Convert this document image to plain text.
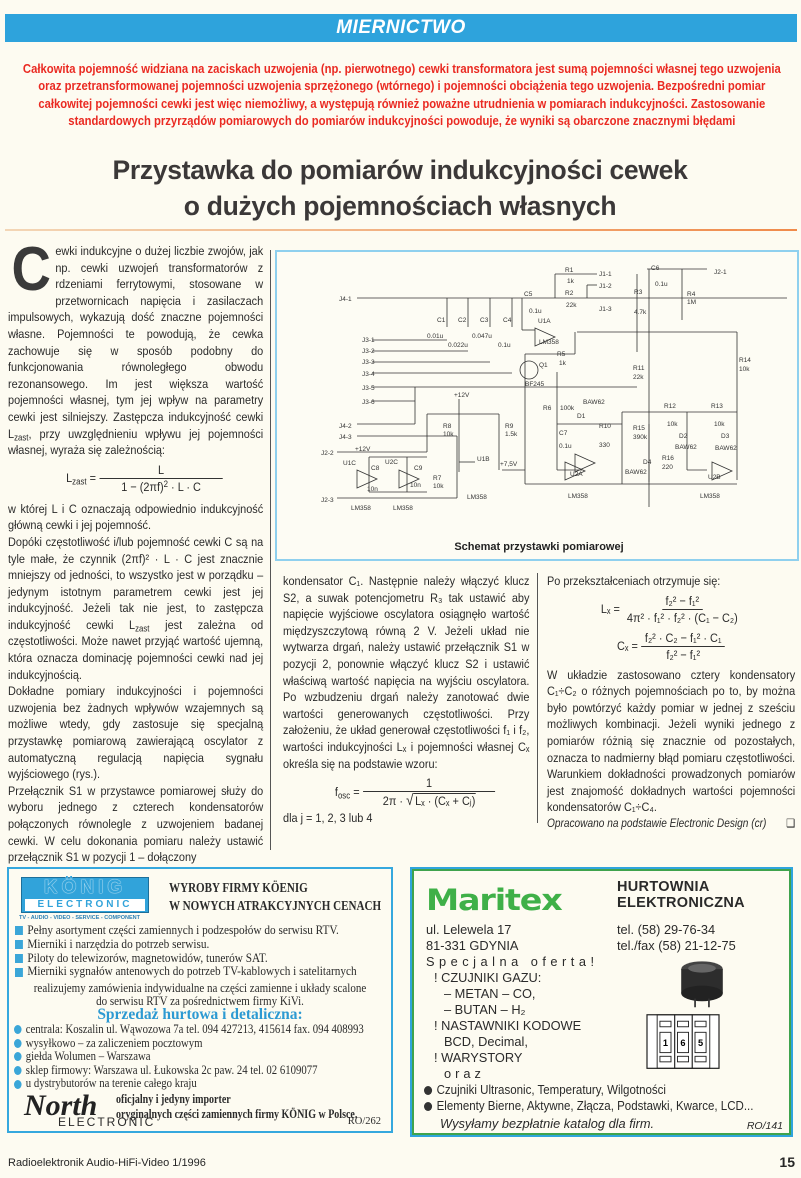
MIERNICTWO
Całkowita pojemność widziana na zaciskach uzwojenia (np. pierwotnego) cewki transformatora jest sumą pojemności własnej tego uzwojenia oraz przetransformowanej pojemności uzwojenia sprzężonego (wtórnego) i pojemności obciążenia tego uzwojenia. Bezpośredni pomiar całkowitej pojemności cewki jest więc niemożliwy, a występują również poważne utrudnienia w pomiarach indukcyjności. Zastosowanie standardowych przyrządów pomiarowych do pomiarów indukcyjności powoduje, że wyniki są obarczone znacznymi błędami
Przystawka do pomiarów indukcyjności cewek
o dużych pojemnościach własnych

Cewki indukcyjne o dużej liczbie zwojów, jak np. cewki uzwojeń transformatorów z rdzeniami ferrytowymi, stosowane w przetwornicach napięcia i zasilaczach impulsowych, wykazują dość znaczne pojemności własne. Pojemności te powodują, że cewka zachowuje się w sposób podobny do funkcjonowania równoległego obwodu rezonansowego. Im jest większa wartość pojemności własnej, tym jej wpływ na parametry cewki jest silniejszy. Zastępcza indukcyjność cewki $L_{zast}$, przy uwzględnieniu wpływu jej pojemności własnej, wyraża się zależnością:

$L_{zast} = \frac{L}{1 - (2\pi f)^2 \cdot L \cdot C}$

w której L i C oznaczają odpowiednio indukcyjność główną cewki i jej pojemność.

Dopóki częstotliwość i/lub pojemność cewki C są na tyle małe, że czynnik (2πf)² · L · C jest znacznie mniejszy od jedności, to wszystko jest w porządku – jedynym istotnym parametrem cewki jest jej indukcyjność. Jeżeli tak nie jest, to zastępcza indukcyjność cewki $L_{zast}$ jest zależna od częstotliwości. Może nawet przyjąć wartość ujemną, która oznacza dominację pojemności cewki nad jej indukcyjnością.

Dokładne pomiary indukcyjności i pojemności uzwojenia bez żadnych wpływów wzajemnych są możliwe wtedy, gdy zastosuje się specjalną przystawkę pomiarową zawierającą oscylator z automatyczną regulacją napięcia sygnału wyjściowego (rys.).

Przełącznik S1 w przystawce pomiarowej służy do wyboru jednego z czterech kondensatorów połączonych równolegle z uzwojeniem badanej cewki. W celu dokonania pomiaru należy ustawić przełącznik S1 w pozycji 1 – dołączony

J4-1
R1
1k
J1-1
J1-2
R2
22k
J1-3
R3
4.7k
C6
0.1u
J2-1
R4
1M
C5
0.1u
C1 C2 C3 C4
0.01u
0.022u
0.047u
0.1u
U1A
LM358
R5
1k
Q1
BF245
J3-1
J3-2
J3-3
J3-4
J3-5
J3-6
J4-2
J4-3
J2-2
J2-3
+12V
+12V
R8
10k
R9
1.5k
U1C
C8
10n
U2C
C9
10n
LM358	LM358
R7
10k
U1B
LM358
+7,5V
R6 100k
BAW62
D1
R10
330
C7
0.1u
U2A
LM358
R11
22k
R14
10k
R12
10k
R13
10k
R15
390k	D2
BAW62
D3
BAW62
BAW62
D4
R16
220
U2B
LM358
Schemat przystawki pomiarowej

kondensator C₁. Następnie należy włączyć klucz S2, a suwak potencjometru R₃ tak ustawić aby napięcie wyjściowe oscylatora osiągnęło wartość międzyszczytową równą 2 V. Jeżeli układ nie wytwarza drgań, należy ustawić przełącznik S1 w pozycji 2, ponownie włączyć klucz S2 i ustawić właściwą wartość napięcia na wyjściu oscylatora. Po wzbudzeniu drgań należy zanotować dwie wartości generowanych częstotliwości. Przy założeniu, że układ generował częstotliwości f₁ i f₂, wartości indukcyjności Lₓ i pojemności własnej Cₓ określa się na podstawie wzoru:

$f_{osc} = \frac{1}{\text{2π · √ Lₓ · (Cₓ + Cⱼ)}}$

dla j = 1, 2, 3 lub 4

Po przekształceniach otrzymuje się:

$L_x = \frac{\text{f₂² − f₁²}}{\text{4π² · f₁² · f₂² · (C₁ − C₂)}}$
$C_x = \frac{\text{f₂² · C₂ − f₁² · C₁}}{\text{f₂² − f₁²}}$

W układzie zastosowano cztery kondensatory C₁÷C₂ o różnych pojemnościach po to, by można było powtórzyć każdy pomiar w jednej z sześciu możliwych kombinacji. Jeżeli wyniki jednego z pomiarów różnią się znacznie od pozostałych, oznacza to nadmierny błąd pomiaru częstotliwości. Warunkiem dokładności prowadzonych pomiarów jest znajomość dokładnych wartości pojemności kondensatorów C₁÷C₄.

Opracowano na podstawie Electronic Design (cr) ❑

KÖNIG
ELECTRONIC
TV - AUDIO - VIDEO - SERVICE - COMPONENT
WYROBY FIRMY KÖENIG
W NOWYCH ATRAKCYJNYCH CENACH
Pełny asortyment części zamiennych i podzespołów do serwisu RTV.
Mierniki i narzędzia do potrzeb serwisu.
Piloty do telewizorów, magnetowidów, tunerów SAT.
Mierniki sygnałów antenowych do potrzeb TV-kablowych i satelitarnych
realizujemy zamówienia indywidualne na części zamienne i układy scalone
do serwisu RTV za pośrednictwem firmy KiVi.
Sprzedaż hurtowa i detaliczna:
centrala: Koszalin ul. Wąwozowa 7a tel. 094 427213, 415614 fax. 094 408993
wysyłkowo – za zaliczeniem pocztowym
giełda Wolumen – Warszawa
sklep firmowy: Warszawa ul. Łukowska 2c paw. 24 tel. 02 6109077
u dystrybutorów na terenie całego kraju
North
ELECTRONIC
oficjalny i jedyny importer
oryginalnych części zamiennych firmy KÖNIG w Polsce.
RO/262
Maritex	HURTOWNIA
ELEKTRONICZNA
ul. Lelewela 17
81-331 GDYNIA
tel. (58) 29-76-34
tel./fax (58) 21-12-75
Specjalna oferta!
! CZUJNIKI GAZU:
– METAN – CO,
– BUTAN – H₂
! NASTAWNIKI KODOWE
BCD, Decimal,
! WARYSTORY
oraz
Czujniki Ultrasonic, Temperatury, Wilgotności
Elementy Bierne, Aktywne, Złącza, Podstawki, Kwarce, LCD...
Wysyłamy bezpłatnie katalog dla firm.	RO/141
1 6 5
Radioelektronik Audio-HiFi-Video 1/1996	15
